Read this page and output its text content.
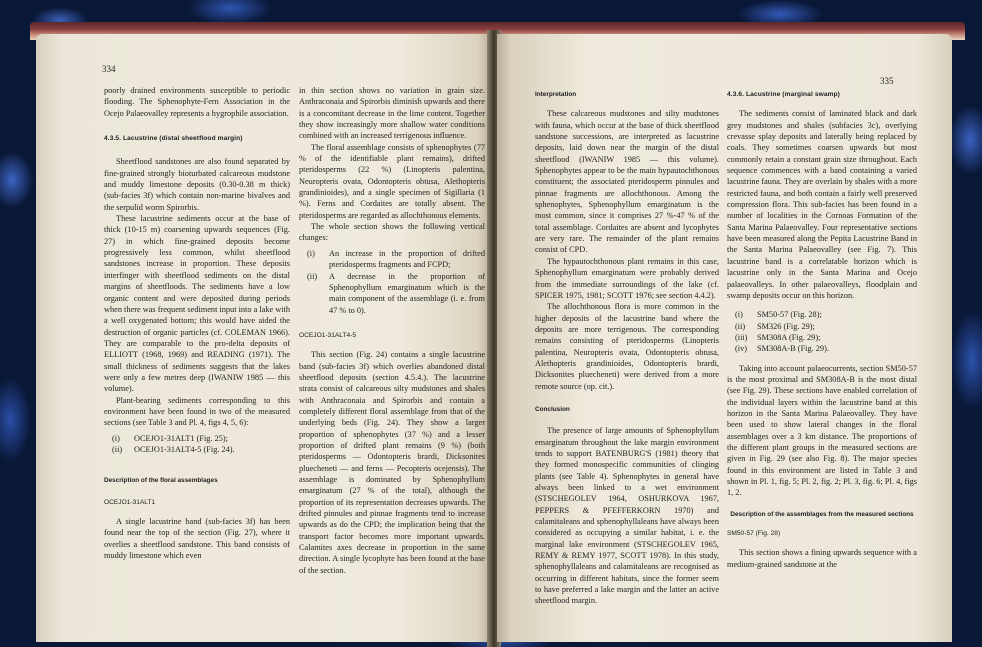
334

poorly drained environments susceptible to periodic flooding. The Sphenophyte-Fern Association in the Ocejo Palaeovalley represents a hygrophile association.

4.3.5. Lacustrine (distal sheetflood margin)

Sheetflood sandstones are also found separated by fine-grained strongly bioturbated calcareous mudstone and muddy limestone deposits (0.30-0.38 m thick) (sub-facies 3f) which contain non-marine bivalves and the serpulid worm Spirorbis.

These lacustrine sediments occur at the base of thick (10-15 m) coarsening upwards sequences (Fig. 27) in which fine-grained deposits become progressively less common, whilst sheetflood sandstones increase in proportion. These deposits interfinger with sheetflood sediments on the distal margins of sheetfloods. The sediments have a low organic content and were deposited during periods when there was frequent sediment input into a lake with a well oxygenated bottom; this would have aided the destruction of organic particles (cf. COLEMAN 1966). They are comparable to the pro-delta deposits of ELLIOTT (1968, 1969) and READING (1971). The small thickness of sediments suggests that the lakes were only a few metres deep (IWANIW 1985 — this volume).

Plant-bearing sediments corresponding to this environment have been found in two of the measured sections (see Table 3 and Pl. 4, figs 4, 5, 6):

(i)	OCEJO1-31ALT1 (Fig. 25);
(ii)	OCEJO1-31ALT4-5 (Fig. 24).
Description of the floral assemblages
OCEJO1-31ALT1

A single lacustrine band (sub-facies 3f) has been found near the top of the section (Fig. 27), where it overlies a sheetflood sandstone. This band consists of muddy limestone which even

in thin section shows no variation in grain size. Anthraconaia and Spirorbis diminish upwards and there is a concomitant decrease in the lime content. Together they show increasingly more shallow water conditions combined with an increased terrigenous influence.

The floral assemblage consists of sphenophytes (77 % of the identifiable plant remains), drifted pteridosperms (22 %) (Linopteris palentina, Neuropteris ovata, Odontopteris obtusa, Alethopteris grandinioides), and a single specimen of Sigillaria (1 %). Ferns and Cordaites are totally absent. The pteridosperms are regarded as allochthonous elements.

The whole section shows the following vertical changes:

(i)	An increase in the proportion of drifted pteridosperms fragments and FCPD;
(ii)	A decrease in the proportion of Sphenophyllum emarginatum which is the main component of the assemblage (i. e. from 47 % to 0).
OCEJO1-31ALT4-5

This section (Fig. 24) contains a single lacustrine band (sub-facies 3f) which overlies abandoned distal sheetflood deposits (section 4.5.4.). The lacustrine strata consist of calcareous silty mudstones and shales with Anthraconaia and Spirorbis and contain a completely different floral assemblage from that of the underlying beds (Fig. 24). They show a larger proportion of sphenophytes (37 %) and a lesser proportion of drifted plant remains (9 %) (both pteridosperms — Odontopteris brardi, Dicksonites pluecheneti — and ferns — Pecopteris ocejensis). The assemblage is dominated by Sphenophyllum emarginatum (27 % of the total), although the proportion of its representation decreases upwards. The drifted pinnules and pinnae fragments tend to increase upwards as do the CPD; the implication being that the transport factor becomes more important upwards. Calamites axes decrease in proportion in the same direction. A single lycophyte has been found at the base of the section.

335
Interpretation

These calcareous mudstones and silty mudstones with fauna, which occur at the base of thick sheetflood sandstone successions, are interpreted as lacustrine deposits, laid down near the margin of the distal sheetflood (IWANIW 1985 — this volume). Sphenophytes appear to be the main hypautochthonous constituent; the associated pteridosperm pinnules and pinnae fragments are allochthonous. Among the sphenophytes, Sphenophyllum emarginatum is the most common, since it comprises 27 %-47 % of the total assemblage. Cordaites are absent and lycophytes are very rare. The remainder of the plant remains consist of CPD.

The hypautochthonous plant remains in this case, Sphenophyllum emarginatum were probably derived from the immediate surroundings of the lake (cf. SPICER 1975, 1981; SCOTT 1976; see section 4.4.2).

The allochthonous flora is more common in the higher deposits of the lacustrine band where the deposits are more terrigenous. The corresponding remains consisting of pteridosperms (Linopteris palentina, Neuropteris ovata, Odontopteris obtusa, Alethopteris grandinioides, Odontopteris brardi, Dicksonites pluecheneti) were derived from a more remote source (op. cit.).

Conclusion

The presence of large amounts of Sphenophyllum emarginatum throughout the lake margin environment tends to support BATENBURG'S (1981) theory that they formed monospecific communities of clinging plants (see Table 4). Sphenophytes in general have always been linked to a wet environment (STSCHEGOLEV 1964, OSHURKOVA 1967, PEPPERS & PFEFFERKORN 1970) and calamitaleans and sphenophyllaleans have always been considered as occupying a similar habitat, i. e. the marginal lake environment (STSCHEGOLEV 1965, REMY & REMY 1977, SCOTT 1978). In this study, sphenophyllaleans and calamitaleans are recognised as occurring in different habitats, since the former seem to have preferred a lake margin and the latter an active sheetflood margin.

4.3.6. Lacustrine (marginal swamp)

The sediments consist of laminated black and dark grey mudstones and shales (subfacies 3c), overlying crevasse splay deposits and laterally being replaced by coals. They sometimes coarsen upwards but most commonly retain a constant grain size throughout. Each sequence commences with a band containing a varied lacustrine fauna. They are overlain by shales with a more restricted fauna, and both contain a fairly well preserved compression flora. This sub-facies has been found in a number of localities in the Cornoas Formation of the Santa Marina Palaeovalley. Four representative sections have been measured along the Pepita Lacustrine Band in the Santa Marina Palaeovalley (see Fig. 7). This lacustrine band is a correlatable horizon which is lacustrine only in the Santa Marina and Ocejo palaeovalleys. In other palaeovalleys, floodplain and swamp deposits occur on this horizon.

(i)	SM50-57 (Fig. 28);
(ii)	SM326 (Fig. 29);
(iii)	SM308A (Fig. 29);
(iv)	SM308A-B (Fig. 29).

Taking into account palaeocurrents, section SM50-57 is the most proximal and SM308A-B is the most distal (see Fig. 29). These sections have enabled correlation of the individual layers within the lacustrine band at this horizon in the Santa Marina Palaeovalley. They have been used to show lateral changes in the floral assemblages over a 3 km distance. The proportions of the different plant groups in the measured sections are given in Fig. 29 (see also Fig. 8). The major species found in this environment are listed in Table 3 and shown in Pl. 1, fig. 5; Pl. 2, fig. 2; Pl. 3, fig. 6; Pl. 4, figs 1, 2.

Description of the assemblages from the measured sections
SM50-57 (Fig. 28)

This section shows a fining upwards sequence with a medium-grained sandstone at the
